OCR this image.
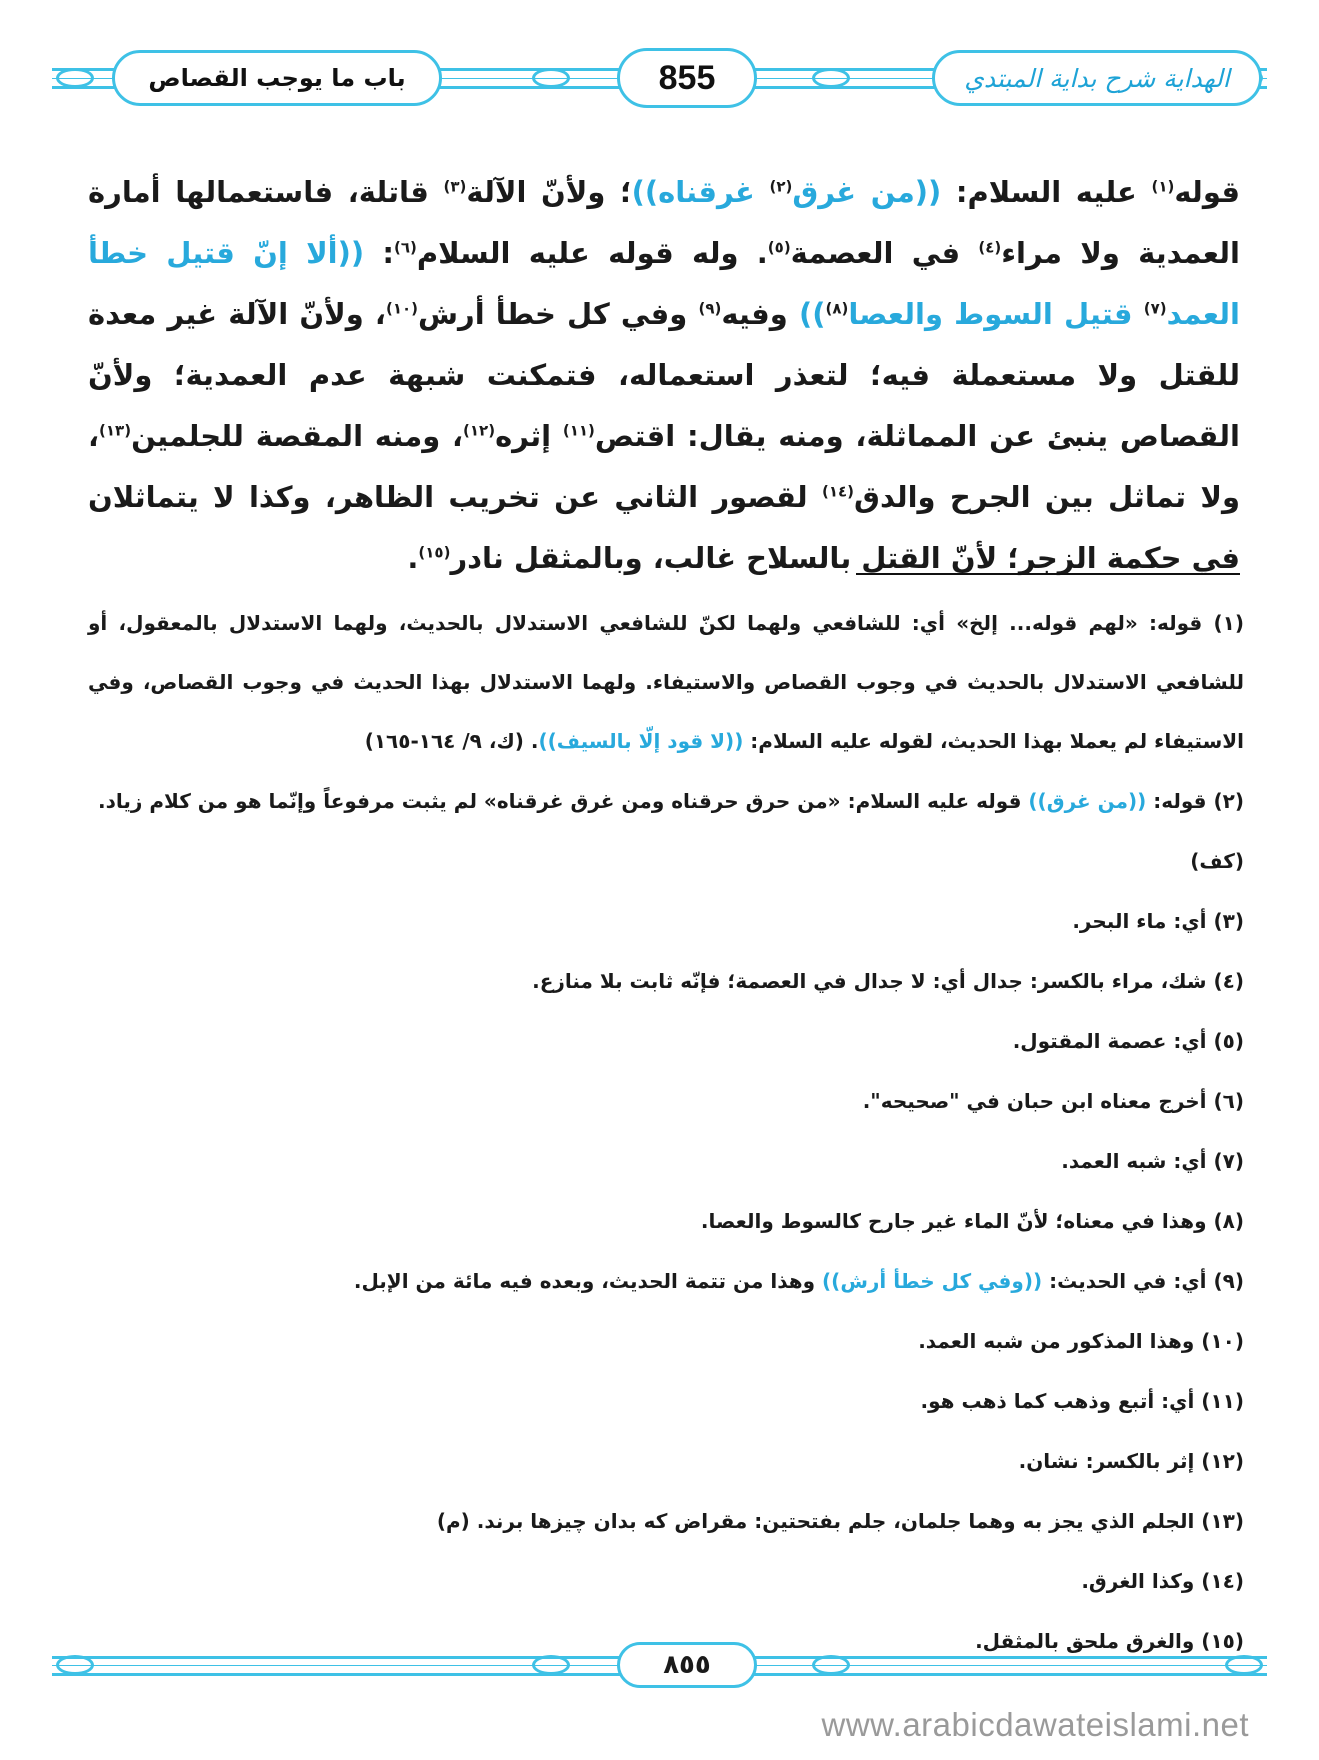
الهداية شرح بداية المبتدي
855
باب ما يوجب القصاص

قوله$^{(١)}$ عليه السلام: ((من غرق$^{(٢)}$ غرقناه))؛ ولأنّ الآلة$^{(٣)}$ قاتلة، فاستعمالها أمارة العمدية ولا مراء$^{(٤)}$ في العصمة$^{(٥)}$. وله قوله عليه السلام$^{(٦)}$: ((ألا إنّ قتيل خطأ العمد$^{(٧)}$ قتيل السوط والعصا$^{(٨)}$)) وفيه$^{(٩)}$ وفي كل خطأ أرش$^{(١٠)}$، ولأنّ الآلة غير معدة للقتل ولا مستعملة فيه؛ لتعذر استعماله، فتمكنت شبهة عدم العمدية؛ ولأنّ القصاص ينبئ عن المماثلة، ومنه يقال: اقتص$^{(١١)}$ إثره$^{(١٢)}$، ومنه المقصة للجلمين$^{(١٣)}$، ولا تماثل بين الجرح والدق$^{(١٤)}$ لقصور الثاني عن تخريب الظاهر، وكذا لا يتماثلان في حكمة الزجر؛ لأنّ القتل بالسلاح غالب، وبالمثقل نادر$^{(١٥)}$.

(١) قوله: «لهم قوله... إلخ» أي: للشافعي ولهما لكنّ للشافعي الاستدلال بالحديث، ولهما الاستدلال بالمعقول، أو للشافعي الاستدلال بالحديث في وجوب القصاص والاستيفاء. ولهما الاستدلال بهذا الحديث في وجوب القصاص، وفي الاستيفاء لم يعملا بهذا الحديث، لقوله عليه السلام: ((لا قود إلّا بالسيف)). (ك، ٩/ ١٦٤-١٦٥)

(٢) قوله: ((من غرق)) قوله عليه السلام: «من حرق حرقناه ومن غرق غرقناه» لم يثبت مرفوعاً وإنّما هو من كلام زياد. (كف)

(٣) أي: ماء البحر.

(٤) شك، مراء بالكسر: جدال أي: لا جدال في العصمة؛ فإنّه ثابت بلا منازع.

(٥) أي: عصمة المقتول.

(٦) أخرج معناه ابن حبان في "صحيحه".

(٧) أي: شبه العمد.

(٨) وهذا في معناه؛ لأنّ الماء غير جارح كالسوط والعصا.

(٩) أي: في الحديث: ((وفي كل خطأ أرش)) وهذا من تتمة الحديث، وبعده فيه مائة من الإبل.

(١٠) وهذا المذكور من شبه العمد.

(١١) أي: أتبع وذهب كما ذهب هو.

(١٢) إثر بالكسر: نشان.

(١٣) الجلم الذي يجز به وهما جلمان، جلم بفتحتين: مقراض كه بدان چيزها برند. (م)

(١٤) وكذا الغرق.

(١٥) والغرق ملحق بالمثقل.

٨٥٥
www.arabicdawateislami.net
